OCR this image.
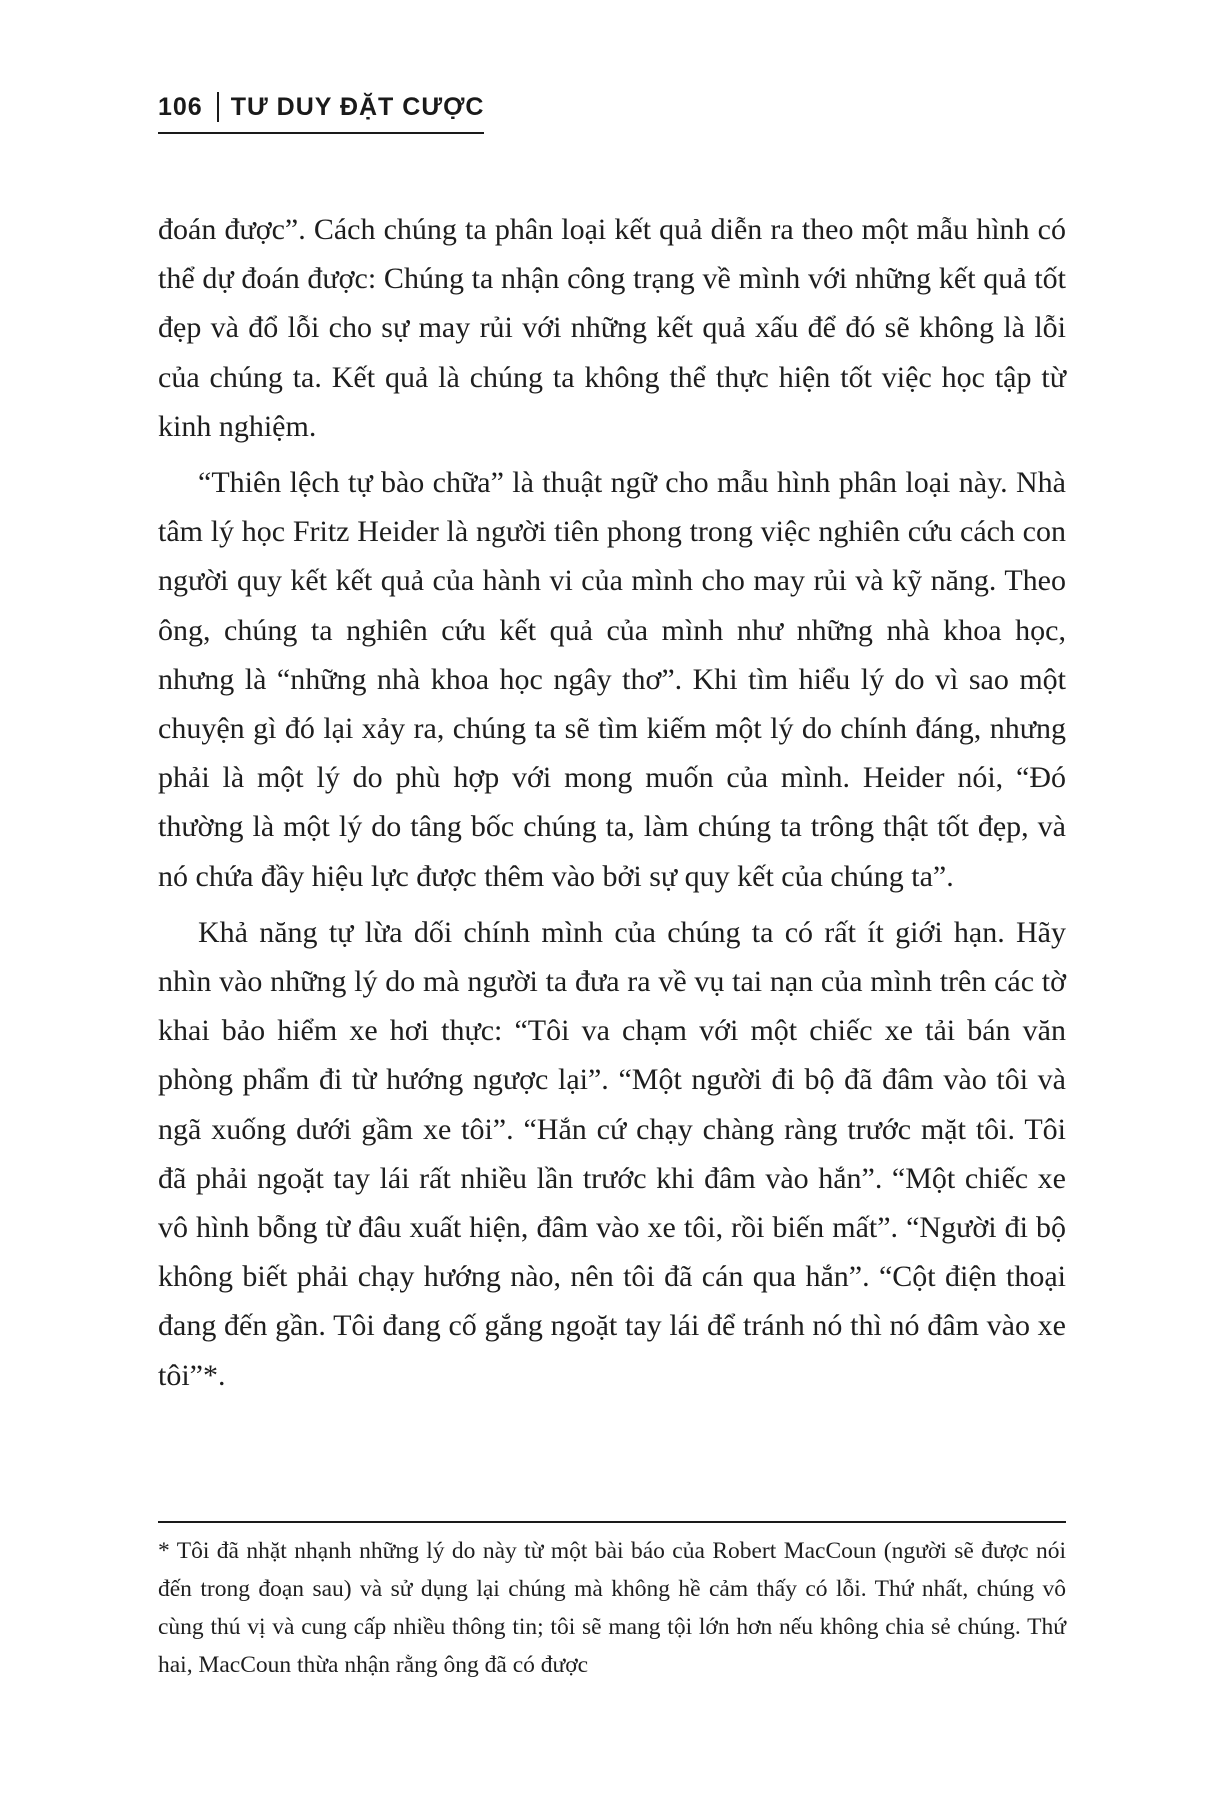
106 TƯ DUY ĐẶT CƯỢC

đoán được”. Cách chúng ta phân loại kết quả diễn ra theo một mẫu hình có thể dự đoán được: Chúng ta nhận công trạng về mình với những kết quả tốt đẹp và đổ lỗi cho sự may rủi với những kết quả xấu để đó sẽ không là lỗi của chúng ta. Kết quả là chúng ta không thể thực hiện tốt việc học tập từ kinh nghiệm.

“Thiên lệch tự bào chữa” là thuật ngữ cho mẫu hình phân loại này. Nhà tâm lý học Fritz Heider là người tiên phong trong việc nghiên cứu cách con người quy kết kết quả của hành vi của mình cho may rủi và kỹ năng. Theo ông, chúng ta nghiên cứu kết quả của mình như những nhà khoa học, nhưng là “những nhà khoa học ngây thơ”. Khi tìm hiểu lý do vì sao một chuyện gì đó lại xảy ra, chúng ta sẽ tìm kiếm một lý do chính đáng, nhưng phải là một lý do phù hợp với mong muốn của mình. Heider nói, “Đó thường là một lý do tâng bốc chúng ta, làm chúng ta trông thật tốt đẹp, và nó chứa đầy hiệu lực được thêm vào bởi sự quy kết của chúng ta”.

Khả năng tự lừa dối chính mình của chúng ta có rất ít giới hạn. Hãy nhìn vào những lý do mà người ta đưa ra về vụ tai nạn của mình trên các tờ khai bảo hiểm xe hơi thực: “Tôi va chạm với một chiếc xe tải bán văn phòng phẩm đi từ hướng ngược lại”. “Một người đi bộ đã đâm vào tôi và ngã xuống dưới gầm xe tôi”. “Hắn cứ chạy chàng ràng trước mặt tôi. Tôi đã phải ngoặt tay lái rất nhiều lần trước khi đâm vào hắn”. “Một chiếc xe vô hình bỗng từ đâu xuất hiện, đâm vào xe tôi, rồi biến mất”. “Người đi bộ không biết phải chạy hướng nào, nên tôi đã cán qua hắn”. “Cột điện thoại đang đến gần. Tôi đang cố gắng ngoặt tay lái để tránh nó thì nó đâm vào xe tôi”*.

* Tôi đã nhặt nhạnh những lý do này từ một bài báo của Robert MacCoun (người sẽ được nói đến trong đoạn sau) và sử dụng lại chúng mà không hề cảm thấy có lỗi. Thứ nhất, chúng vô cùng thú vị và cung cấp nhiều thông tin; tôi sẽ mang tội lớn hơn nếu không chia sẻ chúng. Thứ hai, MacCoun thừa nhận rằng ông đã có được
